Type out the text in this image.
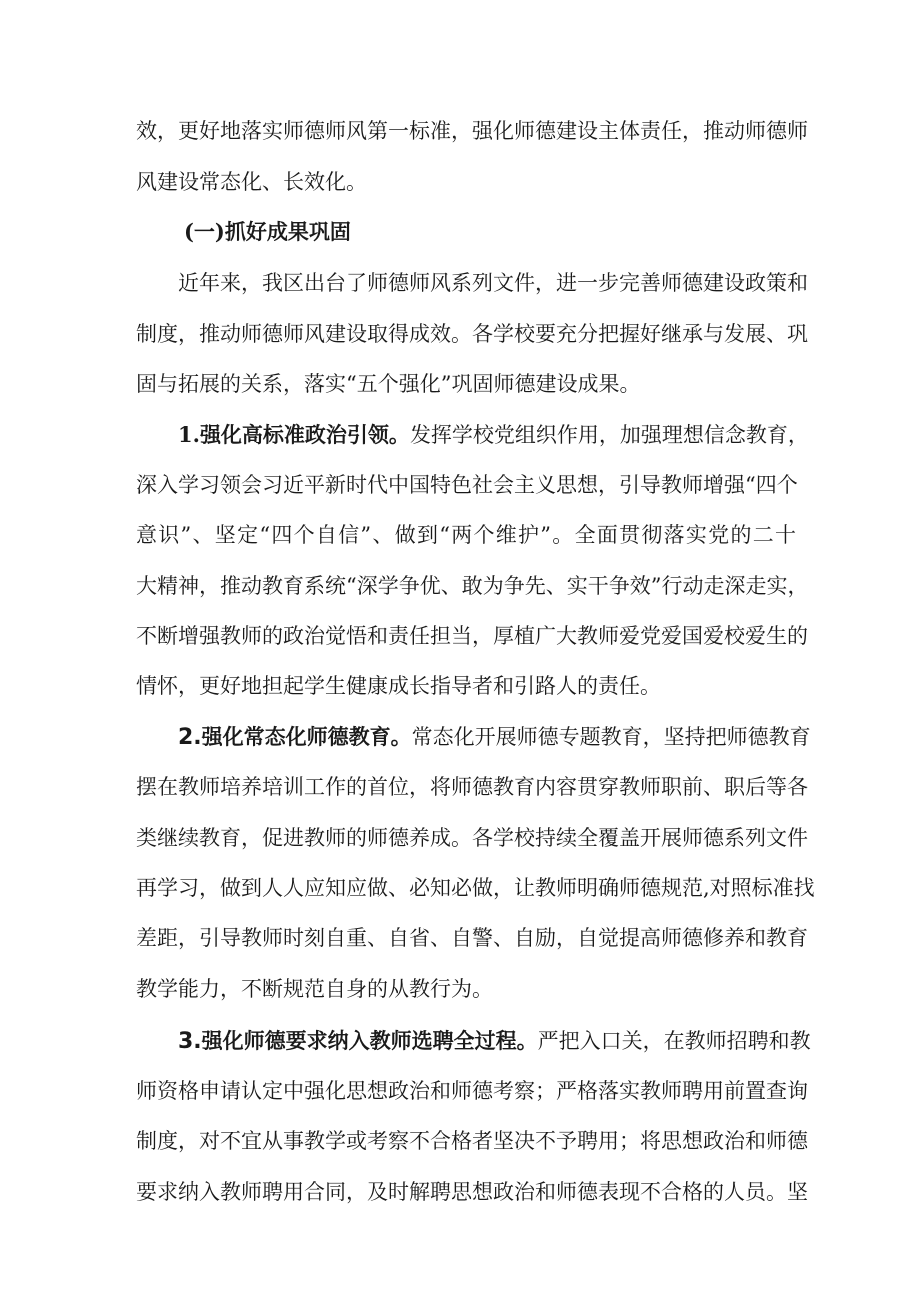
效，更好地落实师德师风第一标准，强化师德建设主体责任，推动师德师
风建设常态化、长效化。
(一)抓好成果巩固
近年来，我区出台了师德师风系列文件，进一步完善师德建设政策和
制度，推动师德师风建设取得成效。各学校要充分把握好继承与发展、巩
固与拓展的关系，落实“五个强化”巩固师德建设成果。
1.强化高标准政治引领。发挥学校党组织作用，加强理想信念教育，
深入学习领会习近平新时代中国特色社会主义思想，引导教师增强“四个
意识”、坚定“四个自信”、做到“两个维护”。全面贯彻落实党的二十
大精神，推动教育系统“深学争优、敢为争先、实干争效”行动走深走实，
不断增强教师的政治觉悟和责任担当，厚植广大教师爱党爱国爱校爱生的
情怀，更好地担起学生健康成长指导者和引路人的责任。
2.强化常态化师德教育。常态化开展师德专题教育，坚持把师德教育
摆在教师培养培训工作的首位，将师德教育内容贯穿教师职前、职后等各
类继续教育，促进教师的师德养成。各学校持续全覆盖开展师德系列文件
再学习，做到人人应知应做、必知必做，让教师明确师德规范,对照标准找
差距，引导教师时刻自重、自省、自警、自励，自觉提高师德修养和教育
教学能力，不断规范自身的从教行为。
3.强化师德要求纳入教师选聘全过程。严把入口关，在教师招聘和教
师资格申请认定中强化思想政治和师德考察；严格落实教师聘用前置查询
制度，对不宜从事教学或考察不合格者坚决不予聘用；将思想政治和师德
要求纳入教师聘用合同，及时解聘思想政治和师德表现不合格的人员。坚
